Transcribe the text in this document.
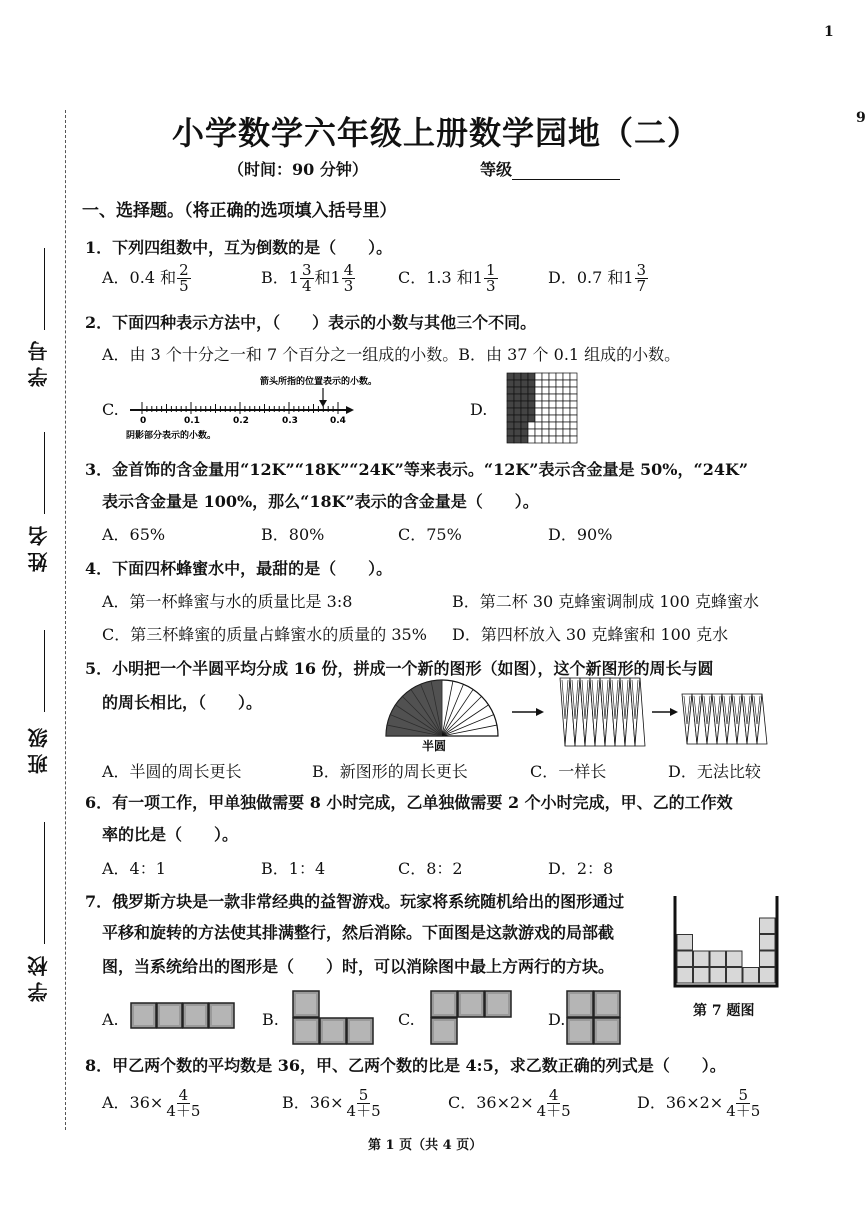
1
9
学号
姓名
班级
学校
小学数学六年级上册数学园地（二）
（时间：90 分钟）	等级
一、选择题。（将正确的选项填入括号里）
1．下列四组数中，互为倒数的是（　　）。
A．0.4 和 $\frac{2}{5}$	B．$1 \frac{3}{4}$ 和$1 \frac{4}{3}$	C．1.3 和$1 \frac{1}{3}$	D．0.7 和$1 \frac{3}{7}$
2．下面四种表示方法中，（　　）表示的小数与其他三个不同。
A．由 3 个十分之一和 7 个百分之一组成的小数。B．由 37 个 0.1 组成的小数。
C.
箭头所指的位置表示的小数。
0	0.1	0.2	0.3	0.4
阴影部分表示的小数。
D.
3．金首饰的含金量用“12K”“18K”“24K”等来表示。“12K”表示含金量是 50%，“24K”
表示含金量是 100%，那么“18K”表示的含金量是（　　）。
A．65%	B．80%	C．75%	D．90%
4．下面四杯蜂蜜水中，最甜的是（　　）。
A．第一杯蜂蜜与水的质量比是 3:8	B．第二杯 30 克蜂蜜调制成 100 克蜂蜜水
C．第三杯蜂蜜的质量占蜂蜜水的质量的 35% D．第四杯放入 30 克蜂蜜和 100 克水
5．小明把一个半圆平均分成 16 份，拼成一个新的图形（如图），这个新图形的周长与圆
的周长相比，（　　）。
半圆
A．半圆的周长更长	B．新图形的周长更长	C．一样长	D．无法比较
6．有一项工作，甲单独做需要 8 小时完成，乙单独做需要 2 个小时完成，甲、乙的工作效
率的比是（　　）。
A．4：1	B．1：4	C．8：2	D．2：8
7．俄罗斯方块是一款非常经典的益智游戏。玩家将系统随机给出的图形通过
平移和旋转的方法使其排满整行，然后消除。下面图是这款游戏的局部截
图，当系统给出的图形是（　　）时，可以消除图中最上方两行的方块。
第 7 题图
A.	B.	C.	D.
8．甲乙两个数的平均数是 36，甲、乙两个数的比是 4:5，求乙数正确的列式是（　　）。
A．$36\times \frac{4}{4+5}$	B．$36\times \frac{5}{4+5}$	C．$36\times 2\times \frac{4}{4+5}$	D．$36\times 2\times \frac{5}{4+5}$
第 1 页（共 4 页）
